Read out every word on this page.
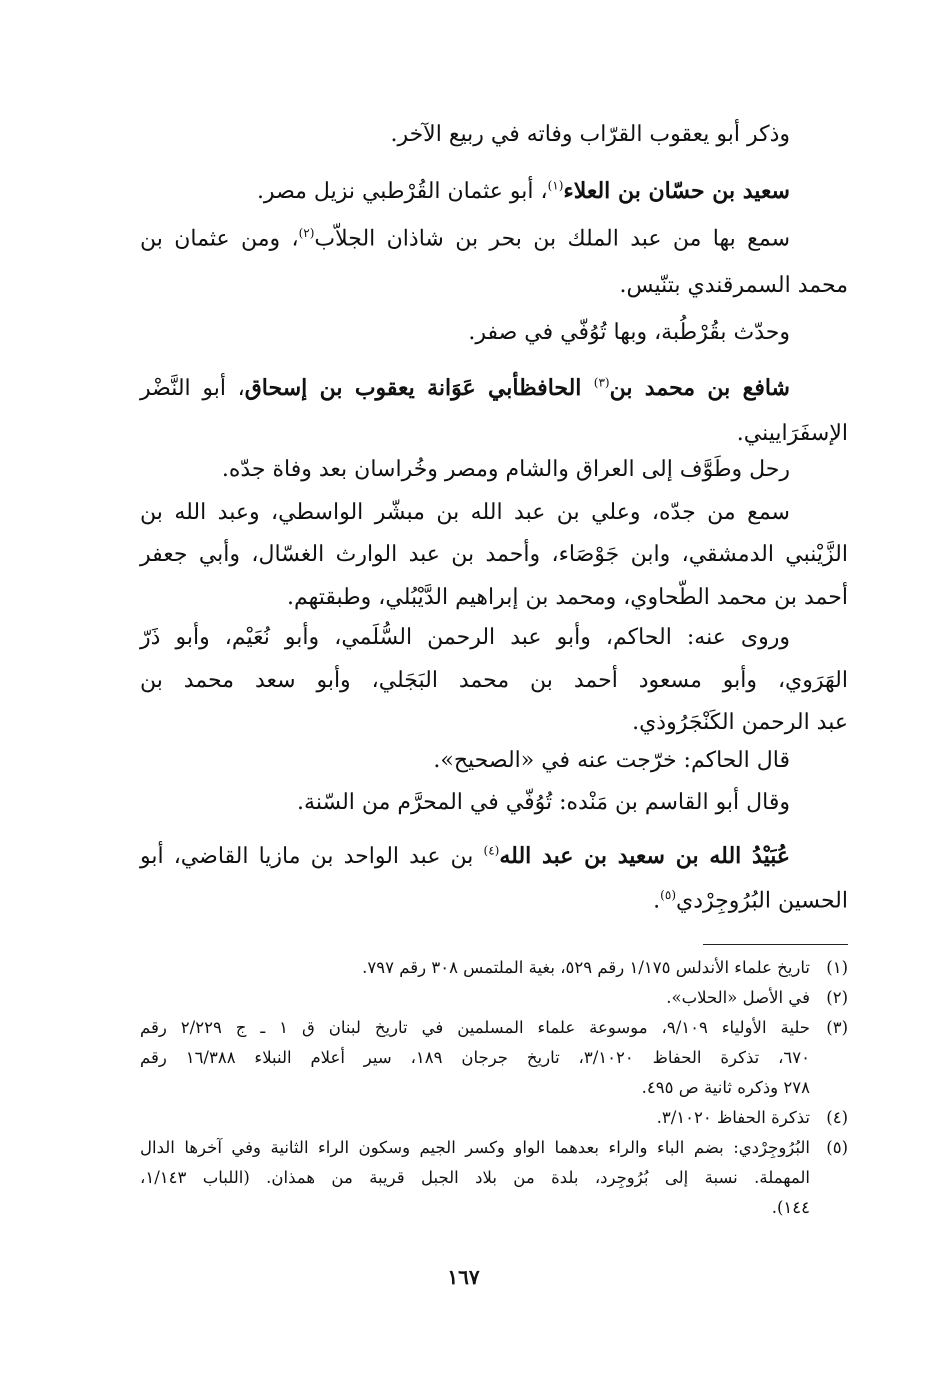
وذكر أبو يعقوب القرّاب وفاته في ربيع الآخر.
سعيد بن حسّان بن العلاء$^{(١)}$، أبو عثمان القُرْطبي نزيل مصر.
سمع بها من عبد الملك بن بحر بن شاذان الجلاّب$^{(٢)}$، ومن عثمان بن
محمد السمرقندي بتنّيس.
وحدّث بقُرْطُبة، وبها تُوُفّي في صفر.
شافع بن محمد بن$^{(٣)}$ الحافظأبي عَوَانة يعقوب بن إسحاق، أبو النَّضْر
الإسفَرَاييني.
رحل وطَوَّف إلى العراق والشام ومصر وخُراسان بعد وفاة جدّه.
سمع من جدّه، وعلي بن عبد الله بن مبشّر الواسطي، وعبد الله بن
الزَّيْنبي الدمشقي، وابن جَوْصَاء، وأحمد بن عبد الوارث الغسّال، وأبي جعفر
أحمد بن محمد الطّحاوي، ومحمد بن إبراهيم الدَّيْبُلي، وطبقتهم.
وروى عنه: الحاكم، وأبو عبد الرحمن السُّلَمي، وأبو نُعَيْم، وأبو ذَرّ
الهَرَوي، وأبو مسعود أحمد بن محمد البَجَلي، وأبو سعد محمد بن
عبد الرحمن الكَنْجَرُوذي.
قال الحاكم: خرّجت عنه في «الصحيح».
وقال أبو القاسم بن مَنْده: تُوُفّي في المحرَّم من السّنة.
عُبَيْدُ الله بن سعيد بن عبد الله$^{(٤)}$ بن عبد الواحد بن مازيا القاضي، أبو
الحسين البُرُوجِرْدي$^{(٥)}$.
(١)
تاريخ علماء الأندلس ١/١٧٥ رقم ٥٢٩، بغية الملتمس ٣٠٨ رقم ٧٩٧.
(٢)
في الأصل «الحلاب».
(٣)
حلية الأولياء ٩/١٠٩، موسوعة علماء المسلمين في تاريخ لبنان ق ١ ـ ج ٢/٢٢٩ رقم
٦٧٠، تذكرة الحفاظ ٣/١٠٢٠، تاريخ جرجان ١٨٩، سير أعلام النبلاء ١٦/٣٨٨ رقم
٢٧٨ وذكره ثانية ص ٤٩٥.
(٤)
تذكرة الحفاظ ٣/١٠٢٠.
(٥)
البُرُوجِرْدي: بضم الباء والراء بعدهما الواو وكسر الجيم وسكون الراء الثانية وفي آخرها الدال
المهملة. نسبة إلى بُرُوجِرد، بلدة من بلاد الجبل قريبة من همذان. (اللباب ١/١٤٣،
١٤٤).
١٦٧
